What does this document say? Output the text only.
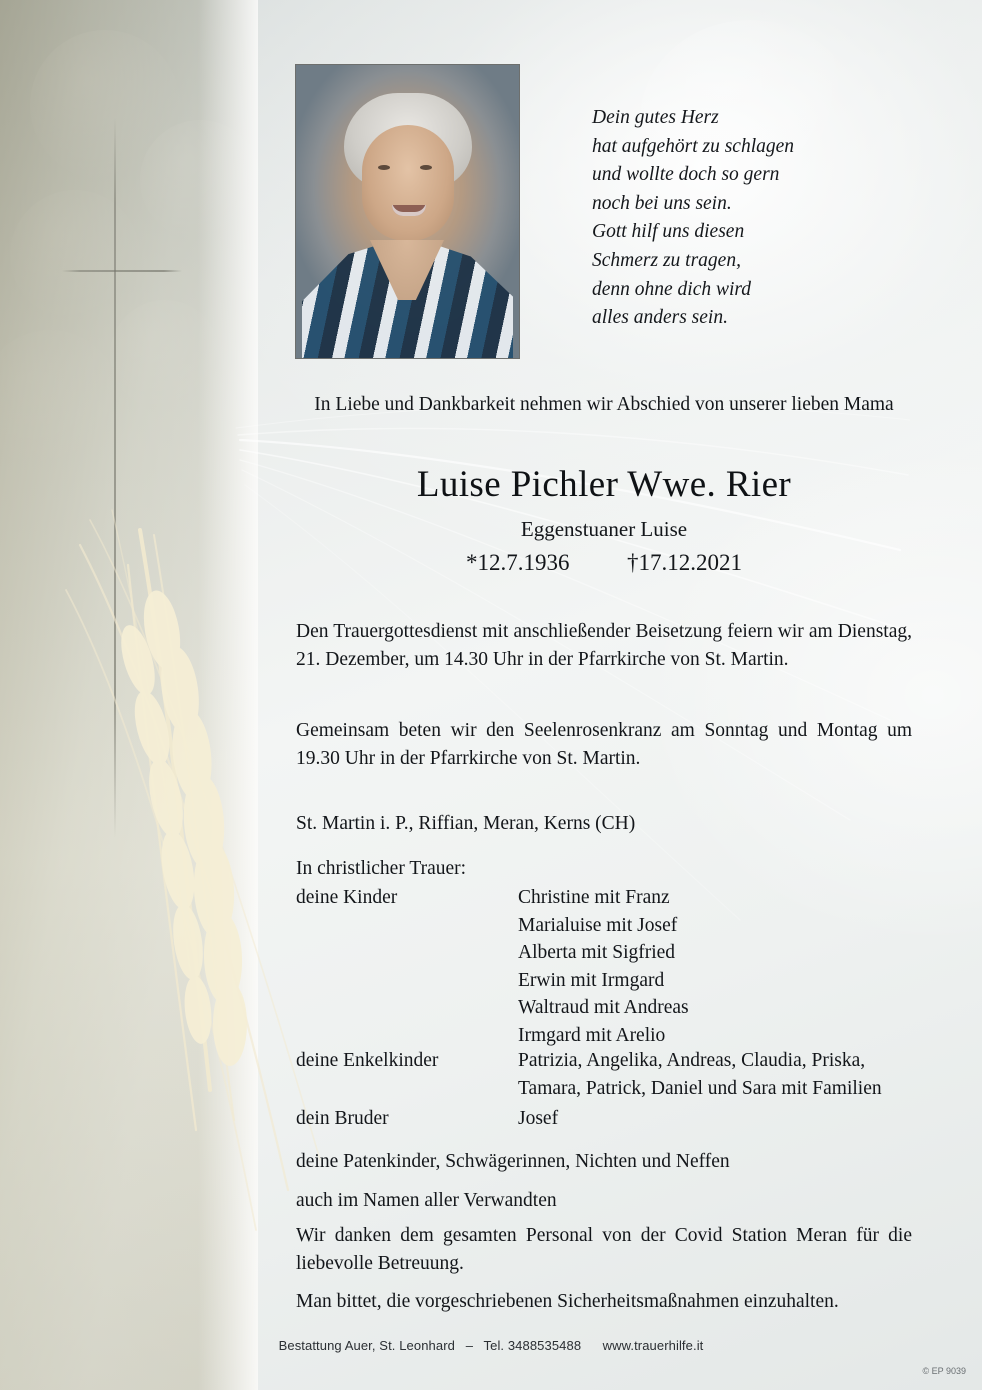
Dein gutes Herz
hat aufgehört zu schlagen
und wollte doch so gern
noch bei uns sein.
Gott hilf uns diesen
Schmerz zu tragen,
denn ohne dich wird
alles anders sein.
In Liebe und Dankbarkeit nehmen wir Abschied von unserer lieben Mama
Luise Pichler Wwe. Rier
Eggenstuaner Luise
*12.7.1936	†17.12.2021
Den Trauergottesdienst mit anschließender Beisetzung feiern wir am Dienstag, 21. Dezember, um 14.30 Uhr in der Pfarrkirche von St. Martin.
Gemeinsam beten wir den Seelenrosenkranz am Sonntag und Montag um 19.30 Uhr in der Pfarrkirche von St. Martin.
St. Martin i. P., Riffian, Meran, Kerns (CH)
In christlicher Trauer:
deine Kinder	Christine mit Franz
Marialuise mit Josef
Alberta mit Sigfried
Erwin mit Irmgard
Waltraud mit Andreas
Irmgard mit Arelio
deine Enkelkinder	Patrizia, Angelika, Andreas, Claudia, Priska,
Tamara, Patrick, Daniel und Sara mit Familien
dein Bruder	Josef
deine Patenkinder, Schwägerinnen, Nichten und Neffen
auch im Namen aller Verwandten
Wir danken dem gesamten Personal von der Covid Station Meran für die liebevolle Betreuung.
Man bittet, die vorgeschriebenen Sicherheitsmaßnahmen einzuhalten.
Bestattung Auer, St. Leonhard – Tel. 3488535488 www.trauerhilfe.it
© EP 9039
